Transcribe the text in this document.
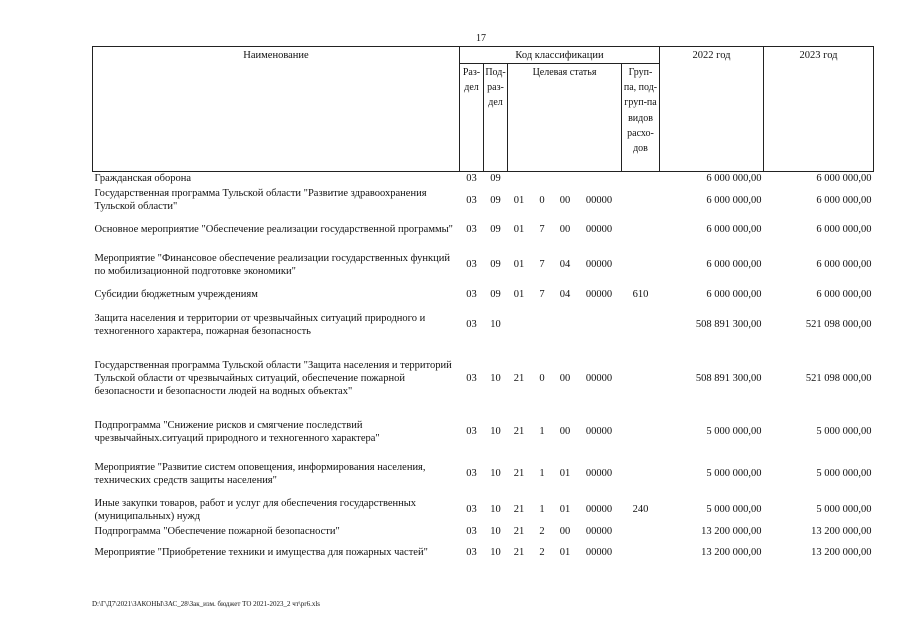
17
Наименование	Код классификации							2022 год	2023 год
	Раз-дел	Под-раз-дел	Целевая статья				Груп-па, под-груп-па видов расхо-дов		
Гражданская оборона	03	09						6 000 000,00	6 000 000,00
Государственная программа Тульской области "Развитие здравоохранения Тульской области"	03	09	01	0	00	00000		6 000 000,00	6 000 000,00
Основное мероприятие "Обеспечение реализации государственной программы"	03	09	01	7	00	00000		6 000 000,00	6 000 000,00
Мероприятие "Финансовое обеспечение реализации государственных функций по мобилизационной подготовке экономики"	03	09	01	7	04	00000		6 000 000,00	6 000 000,00
Субсидии бюджетным учреждениям	03	09	01	7	04	00000	610	6 000 000,00	6 000 000,00
Защита населения и территории от чрезвычайных ситуаций природного и техногенного характера, пожарная безопасность	03	10						508 891 300,00	521 098 000,00
Государственная программа Тульской области "Защита населения и территорий Тульской области от чрезвычайных ситуаций, обеспечение пожарной безопасности и безопасности людей на водных объектах"	03	10	21	0	00	00000		508 891 300,00	521 098 000,00
Подпрограмма "Снижение рисков и смягчение последствий чрезвычайных.ситуаций природного и техногенного характера"	03	10	21	1	00	00000		5 000 000,00	5 000 000,00
Мероприятие "Развитие систем оповещения, информирования населения, технических средств защиты населения"	03	10	21	1	01	00000		5 000 000,00	5 000 000,00
Иные закупки товаров, работ и услуг для обеспечения государственных (муниципальных) нужд	03	10	21	1	01	00000	240	5 000 000,00	5 000 000,00
Подпрограмма "Обеспечение пожарной безопасности"	03	10	21	2	00	00000		13 200 000,00	13 200 000,00
Мероприятие "Приобретение техники и имущества для пожарных частей"	03	10	21	2	01	00000		13 200 000,00	13 200 000,00
D:\Г\Д7\2021\ЗАКОНЫ\ЗАС_28\Зак_изм. бюджет ТО 2021-2023_2 чт\pr6.xls
